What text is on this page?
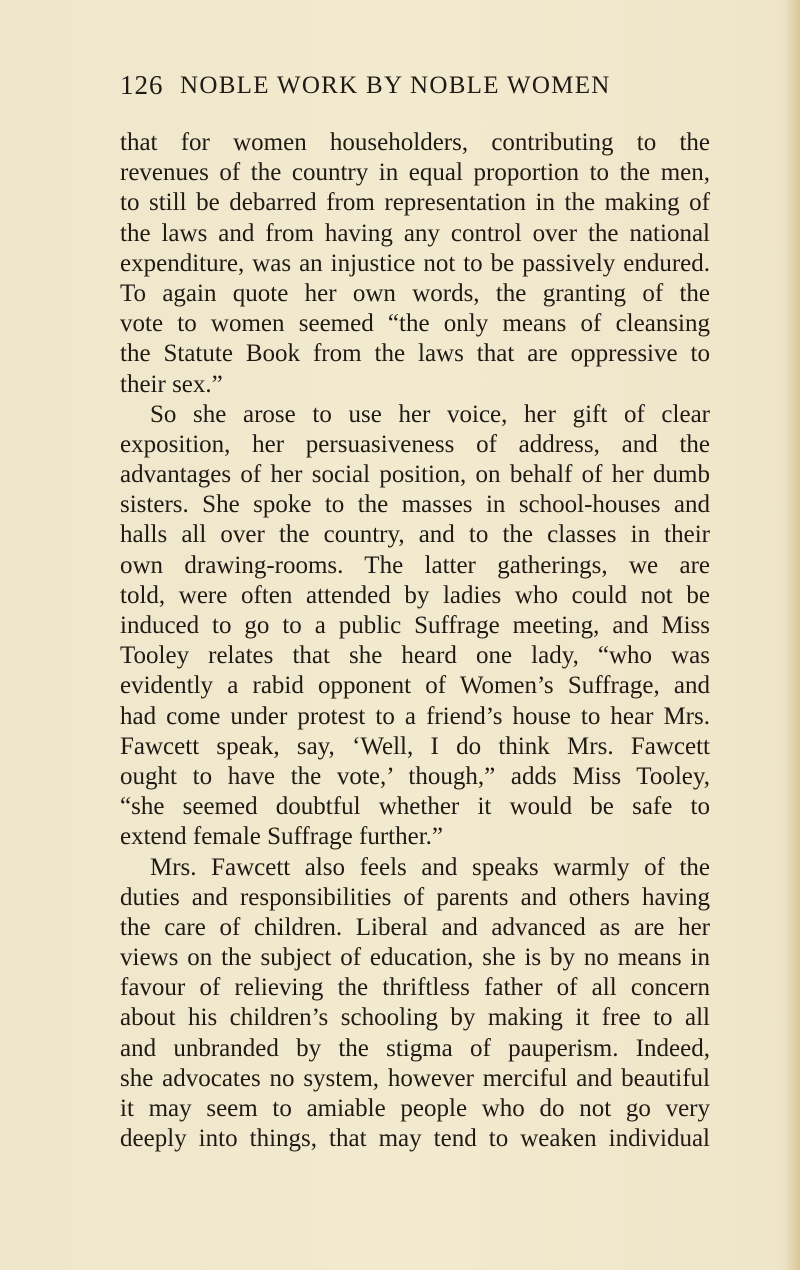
126 NOBLE WORK BY NOBLE WOMEN
that for women householders, contributing to the
revenues of the country in equal proportion to the men,
to still be debarred from representation in the making of
the laws and from having any control over the national
expenditure, was an injustice not to be passively endured.
To again quote her own words, the granting of the
vote to women seemed “the only means of cleansing
the Statute Book from the laws that are oppressive to
their sex.”
So she arose to use her voice, her gift of clear
exposition, her persuasiveness of address, and the
advantages of her social position, on behalf of her dumb
sisters. She spoke to the masses in school-houses and
halls all over the country, and to the classes in their
own drawing-rooms. The latter gatherings, we are
told, were often attended by ladies who could not be
induced to go to a public Suffrage meeting, and Miss
Tooley relates that she heard one lady, “who was
evidently a rabid opponent of Women’s Suffrage, and
had come under protest to a friend’s house to hear Mrs.
Fawcett speak, say, ‘Well, I do think Mrs. Fawcett
ought to have the vote,’ though,” adds Miss Tooley,
“she seemed doubtful whether it would be safe to
extend female Suffrage further.”
Mrs. Fawcett also feels and speaks warmly of the
duties and responsibilities of parents and others having
the care of children. Liberal and advanced as are her
views on the subject of education, she is by no means in
favour of relieving the thriftless father of all concern
about his children’s schooling by making it free to all
and unbranded by the stigma of pauperism. Indeed,
she advocates no system, however merciful and beautiful
it may seem to amiable people who do not go very
deeply into things, that may tend to weaken individual
